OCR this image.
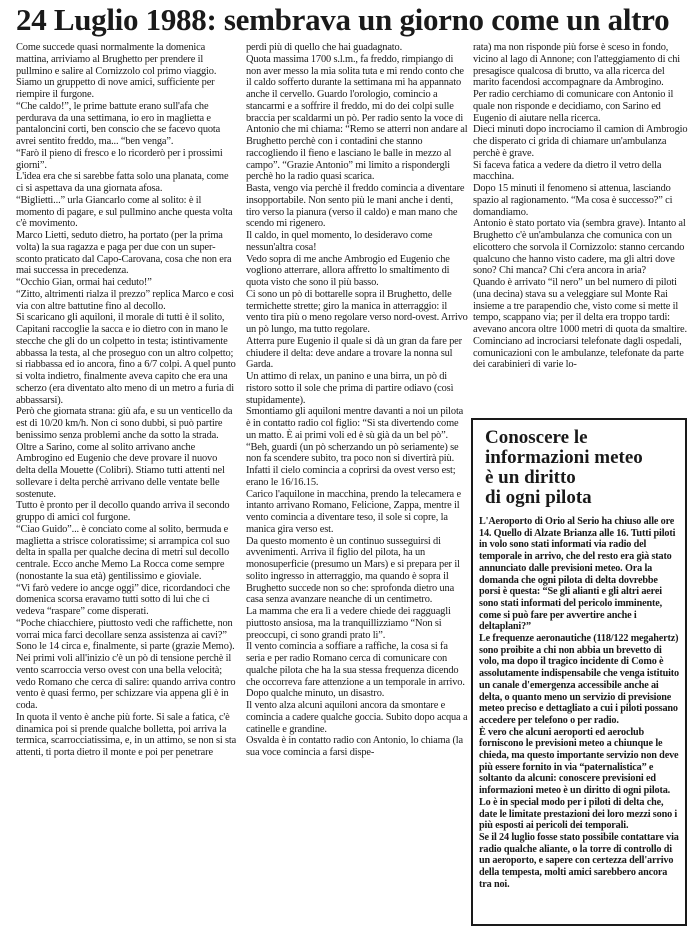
24 Luglio 1988: sembrava un giorno come un altro

Come succede quasi normalmente la domenica mattina, arriviamo al Brughetto per prendere il pullmino e salire al Cornizzolo col primo viaggio. Siamo un gruppetto di nove amici, sufficiente per riempire il furgone.

“Che caldo!”, le prime battute erano sull'afa che perdurava da una settimana, io ero in maglietta e pantaloncini corti, ben conscio che se facevo quota avrei sentito freddo, ma... “ben venga”.

“Farò il pieno di fresco e lo ricorderò per i prossimi giorni”.

L'idea era che si sarebbe fatta solo una planata, come ci si aspettava da una giornata afosa.

“Biglietti...” urla Giancarlo come al solito: è il momento di pagare, e sul pullmino anche questa volta c'è movimento.

Marco Lietti, seduto dietro, ha portato (per la prima volta) la sua ragazza e paga per due con un super-sconto praticato dal Capo-Carovana, cosa che non era mai successa in precedenza.

“Occhio Gian, ormai hai ceduto!”

“Zitto, altrimenti rialza il prezzo” replica Marco e così via con altre battutine fino al decollo.

Si scaricano gli aquiloni, il morale di tutti è il solito, Capitani raccoglie la sacca e io dietro con in mano le stecche che gli do un colpetto in testa; istintivamente abbassa la testa, al che proseguo con un altro colpetto; si riabbassa ed io ancora, fino a 6/7 colpi. A quel punto si volta indietro, finalmente aveva capito che era una scherzo (era diventato alto meno di un metro a furia di abbassarsi).

Però che giornata strana: giù afa, e su un venticello da est di 10/20 km/h. Non ci sono dubbi, si può partire benissimo senza problemi anche da sotto la strada. Oltre a Sarino, come al solito arrivano anche Ambrogino ed Eugenio che deve provare il nuovo delta della Mouette (Colibri). Stiamo tutti attenti nel sollevare i delta perchè arrivano delle ventate belle sostenute.

Tutto è pronto per il decollo quando arriva il secondo gruppo di amici col furgone.

“Ciao Guido”... è conciato come al solito, bermuda e maglietta a strisce coloratissime; si arrampica col suo delta in spalla per qualche decina di metri sul decollo centrale. Ecco anche Memo La Rocca come sempre (nonostante la sua età) gentilissimo e gioviale.

“Vi farò vedere io ancge oggi” dice, ricordandoci che domenica scorsa eravamo tutti sotto di lui che ci vedeva “raspare” come disperati.

“Poche chiacchiere, piuttosto vedi che raffichette, non vorrai mica farci decollare senza assistenza ai cavi?”

Sono le 14 circa e, finalmente, si parte (grazie Memo).

Nei primi voli all'inizio c'è un pò di tensione perchè il vento scarroccia verso ovest con una bella velocità; vedo Romano che cerca di salire: quando arriva contro vento è quasi fermo, per schizzare via appena gli è in coda.

In quota il vento è anche più forte. Si sale a fatica, c'è dinamica poi si prende qualche bolletta, poi arriva la termica, scarrocciatissima, e, in un attimo, se non si sta attenti, ti porta dietro il monte e poi per penetrare

perdi più di quello che hai guadagnato.

Quota massima 1700 s.l.m., fa freddo, rimpiango di non aver messo la mia solita tuta e mi rendo conto che il caldo sofferto durante la settimana mi ha appannato anche il cervello. Guardo l'orologio, comincio a stancarmi e a soffrire il freddo, mi do dei colpi sulle braccia per scaldarmi un pò. Per radio sento la voce di Antonio che mi chiama: “Remo se atterri non andare al Brughetto perchè con i contadini che stanno raccogliendo il fieno e lasciano le balle in mezzo al campo”. “Grazie Antonio” mi limito a rispondergli perchè ho la radio quasi scarica.

Basta, vengo via perchè il freddo comincia a diventare insopportabile. Non sento più le mani anche i denti, tiro verso la pianura (verso il caldo) e man mano che scendo mi rigenero.

Il caldo, in quel momento, lo desideravo come nessun'altra cosa!

Vedo sopra di me anche Ambrogio ed Eugenio che vogliono atterrare, allora affretto lo smaltimento di quota visto che sono il più basso.

Ci sono un pò di bottarelle sopra il Brughetto, delle termichette strette; giro la manica in atterraggio: il vento tira più o meno regolare verso nord-ovest. Arrivo un pò lungo, ma tutto regolare.

Atterra pure Eugenio il quale si dà un gran da fare per chiudere il delta: deve andare a trovare la nonna sul Garda.

Un attimo di relax, un panino e una birra, un pò di ristoro sotto il sole che prima di partire odiavo (così stupidamente).

Smontiamo gli aquiloni mentre davanti a noi un pilota è in contatto radio col figlio: “Si sta divertendo come un matto. È ai primi voli ed è sù già da un bel pò”.

“Beh, guardi (un pò scherzando un pò seriamente) se non fa scendere subito, tra poco non si divertirà più. Infatti il cielo comincia a coprirsi da ovest verso est; erano le 16/16.15.

Carico l'aquilone in macchina, prendo la telecamera e intanto arrivano Romano, Felicione, Zappa, mentre il vento comincia a diventare teso, il sole si copre, la manica gira verso est.

Da questo momento è un continuo susseguirsi di avvenimenti. Arriva il figlio del pilota, ha un monosuperficie (presumo un Mars) e si prepara per il solito ingresso in atterraggio, ma quando è sopra il Brughetto succede non so che: sprofonda dietro una casa senza avanzare neanche di un centimetro.

La mamma che era lì a vedere chiede dei ragguagli piuttosto ansiosa, ma la tranquillizziamo “Non si preoccupi, ci sono grandi prato lì”.

Il vento comincia a soffiare a raffiche, la cosa si fa seria e per radio Romano cerca di comunicare con qualche pilota che ha la sua stessa frequenza dicendo che occorreva fare attenzione a un temporale in arrivo.

Dopo qualche minuto, un disastro.

Il vento alza alcuni aquiloni ancora da smontare e comincia a cadere qualche goccia. Subito dopo acqua a catinelle e grandine.

Osvalda è in contatto radio con Antonio, lo chiama (la sua voce comincia a farsi dispe-

rata) ma non risponde più forse è sceso in fondo, vicino al lago di Annone; con l'atteggiamento di chi presagisce qualcosa di brutto, va alla ricerca del marito facendosi accompagnare da Ambrogino.

Per radio cerchiamo di comunicare con Antonio il quale non risponde e decidiamo, con Sarino ed Eugenio di aiutare nella ricerca.

Dieci minuti dopo incrociamo il camion di Ambrogio che disperato ci grida di chiamare un'ambulanza perchè è grave.

Si faceva fatica a vedere da dietro il vetro della macchina.

Dopo 15 minuti il fenomeno si attenua, lasciando spazio al ragionamento. “Ma cosa è successo?” ci domandiamo.

Antonio è stato portato via (sembra grave). Intanto al Brughetto c'è un'ambulanza che comunica con un elicottero che sorvola il Cornizzolo: stanno cercando qualcuno che hanno visto cadere, ma gli altri dove sono? Chi manca? Chi c'era ancora in aria?

Quando è arrivato “il nero” un bel numero di piloti (una decina) stava su a veleggiare sul Monte Rai insieme a tre parapendio che, visto come si mette il tempo, scappano via; per il delta era troppo tardi: avevano ancora oltre 1000 metri di quota da smaltire.

Cominciano ad incrociarsi telefonate dagli ospedali, comunicazioni con le ambulanze, telefonate da parte dei carabinieri di varie lo-

Conoscere le
informazioni meteo
è un diritto
di ogni pilota

L'Aeroporto di Orio al Serio ha chiuso alle ore 14. Quello di Alzate Brianza alle 16. Tutti piloti in volo sono stati informati via radio del temporale in arrivo, che del resto era già stato annunciato dalle previsioni meteo. Ora la domanda che ogni pilota di delta dovrebbe porsi è questa: “Se gli alianti e gli altri aerei sono stati informati del pericolo imminente, come si può fare per avvertire anche i deltaplani?”

Le frequenze aeronautiche (118/122 megahertz) sono proibite a chi non abbia un brevetto di volo, ma dopo il tragico incidente di Como è assolutamente indispensabile che venga istituito un canale d'emergenza accessibile anche ai delta, o quanto meno un servizio di previsione meteo preciso e dettagliato a cui i piloti possano accedere per telefono o per radio.

È vero che alcuni aeroporti ed aeroclub forniscono le previsioni meteo a chiunque le chieda, ma questo importante servizio non deve più essere fornito in via “paternalistica” e soltanto da alcuni: conoscere previsioni ed informazioni meteo è un diritto di ogni pilota. Lo è in special modo per i piloti di delta che, date le limitate prestazioni dei loro mezzi sono i più esposti ai pericoli dei temporali.

Se il 24 luglio fosse stato possibile contattare via radio qualche aliante, o la torre di controllo di un aeroporto, e sapere con certezza dell'arrivo della tempesta, molti amici sarebbero ancora tra noi.
